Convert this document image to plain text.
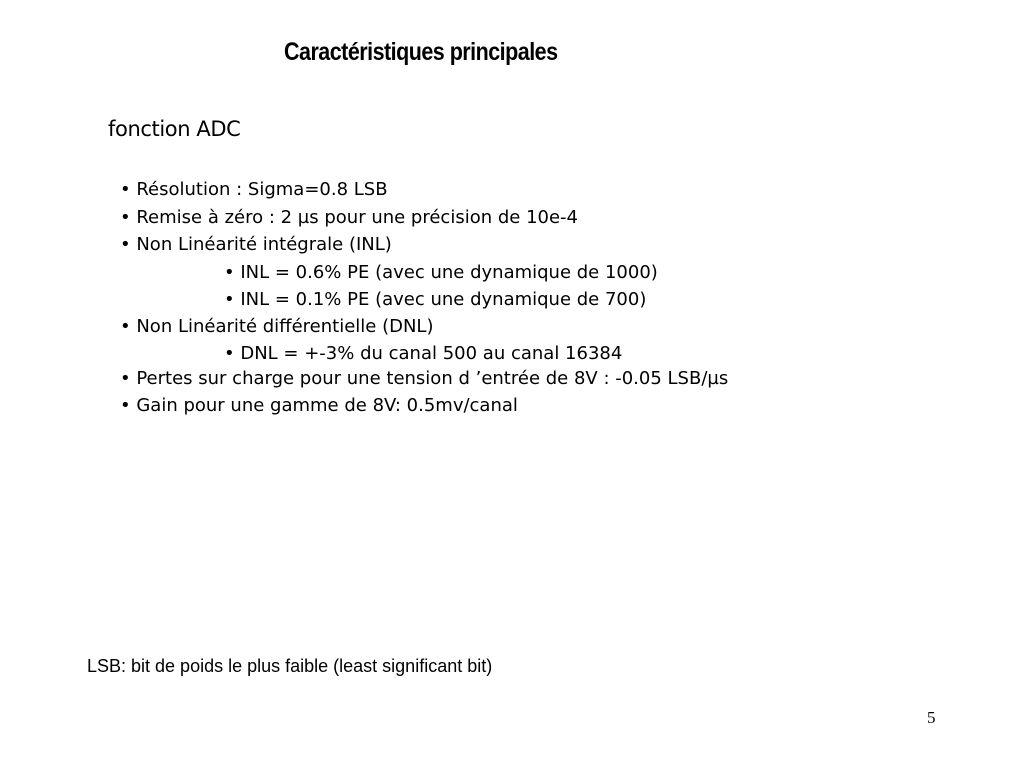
Caractéristiques principales
fonction ADC
• Résolution : Sigma=0.8 LSB
• Remise à zéro : 2 µs pour une précision de 10e-4
• Non Linéarité intégrale (INL)
• INL = 0.6% PE (avec une dynamique de 1000)
• INL = 0.1% PE (avec une dynamique de 700)
• Non Linéarité différentielle (DNL)
• DNL = +-3% du canal 500 au canal 16384
• Pertes sur charge pour une tension d ’entrée de 8V : -0.05 LSB/µs
• Gain pour une gamme de 8V: 0.5mv/canal
LSB: bit de poids le plus faible (least significant bit)
5
